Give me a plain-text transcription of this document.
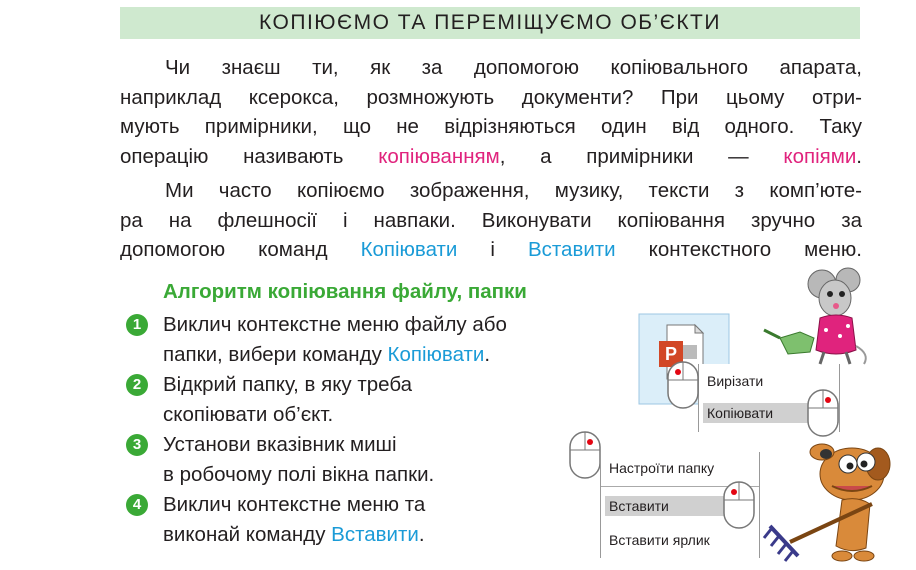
КОПІЮЄМО ТА ПЕРЕМІЩУЄМО ОБ’ЄКТИ
Чи знаєш ти, як за допомогою копіювального апарата,
наприклад ксерокса, розмножують документи? При цьому отри-
мують примірники, що не відрізняються один від одного. Таку
операцію називають копіюванням, а примірники — копіями.
Ми часто копіюємо зображення, музику, тексти з комп’юте-
ра на флешносії і навпаки. Виконувати копіювання зручно за
допомогою команд Копіювати і Вставити контекстного меню.
Алгоритм копіювання файлу, папки
1	Виклич контекстне меню файлу або
папки, вибери команду Копіювати.
2	Відкрий папку, в яку треба
скопіювати об’єкт.
3	Установи вказівник миші
в робочому полі вікна папки.
4	Виклич контекстне меню та
виконай команду Вставити.
P
Вирізати
Копіювати
Настроїти папку
Вставити
Вставити ярлик
